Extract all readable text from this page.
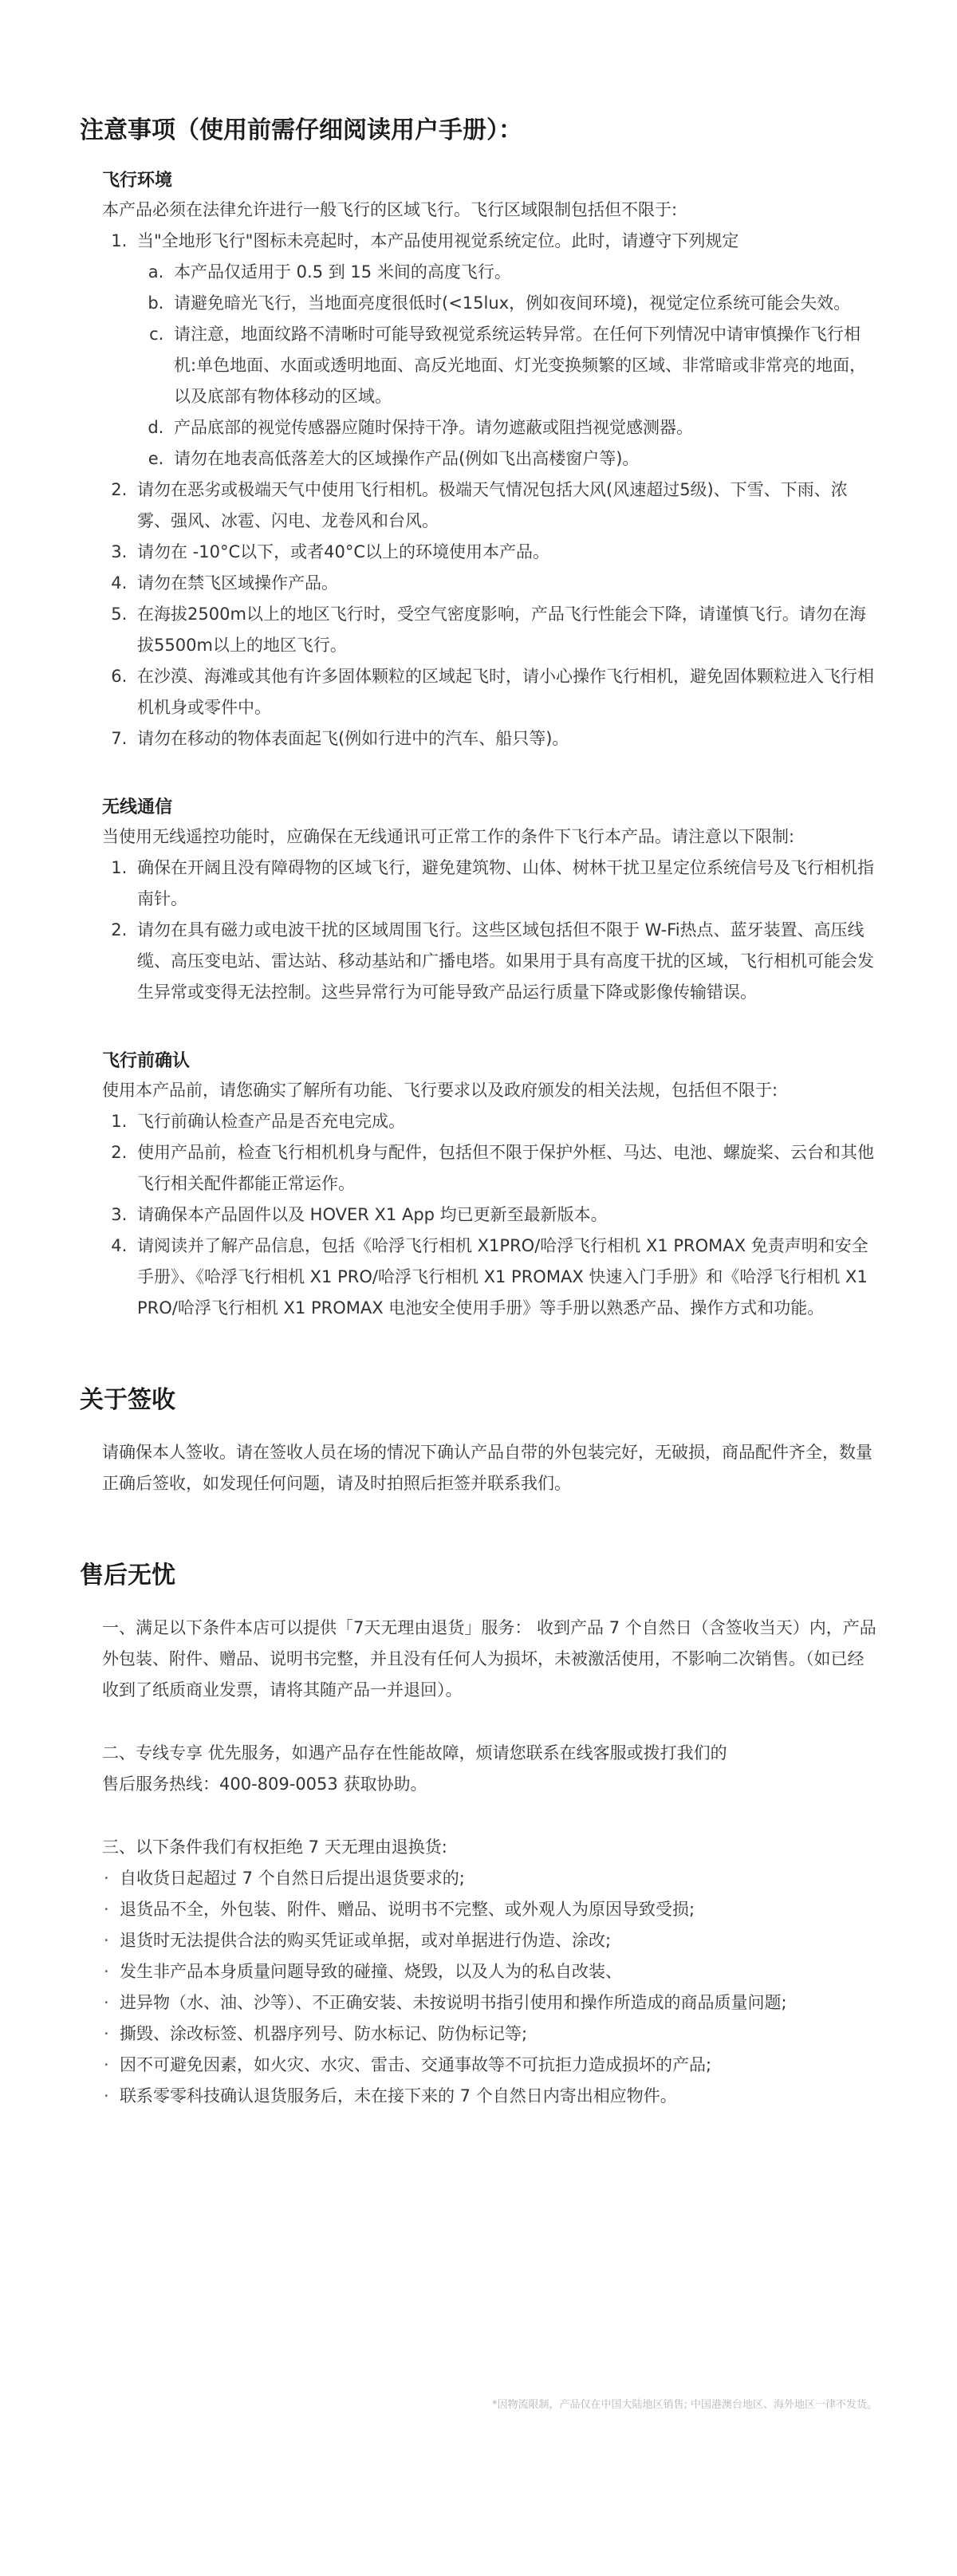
注意事项（使用前需仔细阅读用户手册）：
飞行环境
本产品必须在法律允许进行一般飞行的区域飞行。飞行区域限制包括但不限于:
1. 当"全地形飞行"图标未亮起时，本产品使用视觉系统定位。此时，请遵守下列规定
a. 本产品仅适用于 0.5 到 15 米间的高度飞行。
b. 请避免暗光飞行，当地面亮度很低时(<15lux，例如夜间环境)，视觉定位系统可能会失效。
c. 请注意，地面纹路不清晰时可能导致视觉系统运转异常。在任何下列情况中请审慎操作飞行相机:单色地面、水面或透明地面、高反光地面、灯光变换频繁的区域、非常暗或非常亮的地面，以及底部有物体移动的区域。
d. 产品底部的视觉传感器应随时保持干净。请勿遮蔽或阻挡视觉感测器。
e. 请勿在地表高低落差大的区域操作产品(例如飞出高楼窗户等)。
2. 请勿在恶劣或极端天气中使用飞行相机。极端天气情况包括大风(风速超过5级)、下雪、下雨、浓雾、强风、冰雹、闪电、龙卷风和台风。
3. 请勿在 -10°C以下，或者40°C以上的环境使用本产品。
4. 请勿在禁飞区域操作产品。
5. 在海拔2500m以上的地区飞行时，受空气密度影响，产品飞行性能会下降，请谨慎飞行。请勿在海拔5500m以上的地区飞行。
6. 在沙漠、海滩或其他有许多固体颗粒的区域起飞时，请小心操作飞行相机，避免固体颗粒进入飞行相机机身或零件中。
7. 请勿在移动的物体表面起飞(例如行进中的汽车、船只等)。
无线通信
当使用无线遥控功能时，应确保在无线通讯可正常工作的条件下飞行本产品。请注意以下限制:
1. 确保在开阔且没有障碍物的区域飞行，避免建筑物、山体、树林干扰卫星定位系统信号及飞行相机指南针。
2. 请勿在具有磁力或电波干扰的区域周围飞行。这些区域包括但不限于 W-Fi热点、蓝牙装置、高压线缆、高压变电站、雷达站、移动基站和广播电塔。如果用于具有高度干扰的区域，飞行相机可能会发生异常或变得无法控制。这些异常行为可能导致产品运行质量下降或影像传输错误。
飞行前确认
使用本产品前，请您确实了解所有功能、飞行要求以及政府颁发的相关法规，包括但不限于:
1. 飞行前确认检查产品是否充电完成。
2. 使用产品前，检查飞行相机机身与配件，包括但不限于保护外框、马达、电池、螺旋桨、云台和其他飞行相关配件都能正常运作。
3. 请确保本产品固件以及 HOVER X1 App 均已更新至最新版本。
4. 请阅读并了解产品信息，包括《哈浮飞行相机 X1PRO/哈浮飞行相机 X1 PROMAX 免责声明和安全手册》、《哈浮飞行相机 X1 PRO/哈浮飞行相机 X1 PROMAX 快速入门手册》和《哈浮飞行相机 X1 PRO/哈浮飞行相机 X1 PROMAX 电池安全使用手册》等手册以熟悉产品、操作方式和功能。
关于签收
请确保本人签收。请在签收人员在场的情况下确认产品自带的外包装完好，无破损，商品配件齐全，数量正确后签收，如发现任何问题，请及时拍照后拒签并联系我们。
售后无忧
一、满足以下条件本店可以提供「7天无理由退货」服务： 收到产品 7 个自然日（含签收当天）内，产品外包装、附件、赠品、说明书完整，并且没有任何人为损坏，未被激活使用，不影响二次销售。（如已经收到了纸质商业发票，请将其随产品一并退回）。
二、专线专享 优先服务，如遇产品存在性能故障，烦请您联系在线客服或拨打我们的
售后服务热线：400-809-0053 获取协助。
三、以下条件我们有权拒绝 7 天无理由退换货:
· 自收货日起超过 7 个自然日后提出退货要求的;
· 退货品不全，外包装、附件、赠品、说明书不完整、或外观人为原因导致受损;
· 退货时无法提供合法的购买凭证或单据，或对单据进行伪造、涂改;
· 发生非产品本身质量问题导致的碰撞、烧毁，以及人为的私自改装、
· 进异物（水、油、沙等）、不正确安装、未按说明书指引使用和操作所造成的商品质量问题;
· 撕毁、涂改标签、机器序列号、防水标记、防伪标记等;
· 因不可避免因素，如火灾、水灾、雷击、交通事故等不可抗拒力造成损坏的产品;
· 联系零零科技确认退货服务后，未在接下来的 7 个自然日内寄出相应物件。
*因物流限制，产品仅在中国大陆地区销售; 中国港澳台地区、海外地区一律不发货。
